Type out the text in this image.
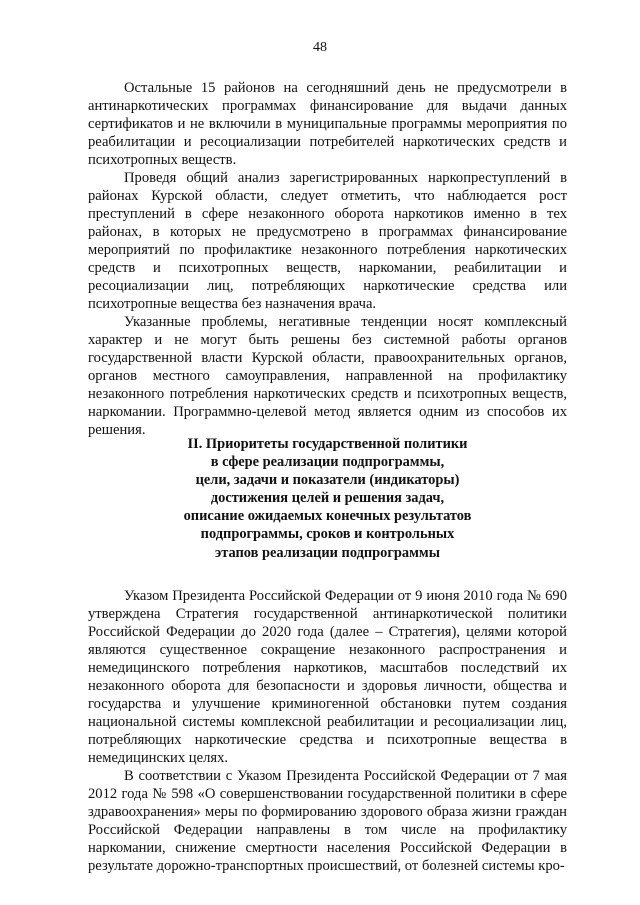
48

Остальные 15 районов на сегодняшний день не предусмотрели в антинаркотических программах финансирование для выдачи данных сертификатов и не включили в муниципальные программы мероприятия по реабилитации и ресоциализации потребителей наркотических средств и психотропных веществ.

Проведя общий анализ зарегистрированных наркопреступлений в районах Курской области, следует отметить, что наблюдается рост преступлений в сфере незаконного оборота наркотиков именно в тех районах, в которых не предусмотрено в программах финансирование мероприятий по профилактике незаконного потребления наркотических средств и психотропных веществ, наркомании, реабилитации и ресоциализации лиц, потребляющих наркотические средства или психотропные вещества без назначения врача.

Указанные проблемы, негативные тенденции носят комплексный характер и не могут быть решены без системной работы органов государственной власти Курской области, правоохранительных органов, органов местного самоуправления, направленной на профилактику незаконного потребления наркотических средств и психотропных веществ, наркомании. Программно-целевой метод является одним из способов их решения.

II. Приоритеты государственной политики
в сфере реализации подпрограммы,
цели, задачи и показатели (индикаторы)
достижения целей и решения задач,
описание ожидаемых конечных результатов
подпрограммы, сроков и контрольных
этапов реализации подпрограммы

Указом Президента Российской Федерации от 9 июня 2010 года № 690 утверждена Стратегия государственной антинаркотической политики Российской Федерации до 2020 года (далее – Стратегия), целями которой являются существенное сокращение незаконного распространения и немедицинского потребления наркотиков, масштабов последствий их незаконного оборота для безопасности и здоровья личности, общества и государства и улучшение криминогенной обстановки путем создания национальной системы комплексной реабилитации и ресоциализации лиц, потребляющих наркотические средства и психотропные вещества в немедицинских целях.

В соответствии с Указом Президента Российской Федерации от 7 мая 2012 года № 598 «О совершенствовании государственной политики в сфере здравоохранения» меры по формированию здорового образа жизни граждан Российской Федерации направлены в том числе на профилактику наркомании, снижение смертности населения Российской Федерации в результате дорожно-транспортных происшествий, от болезней системы кро-
